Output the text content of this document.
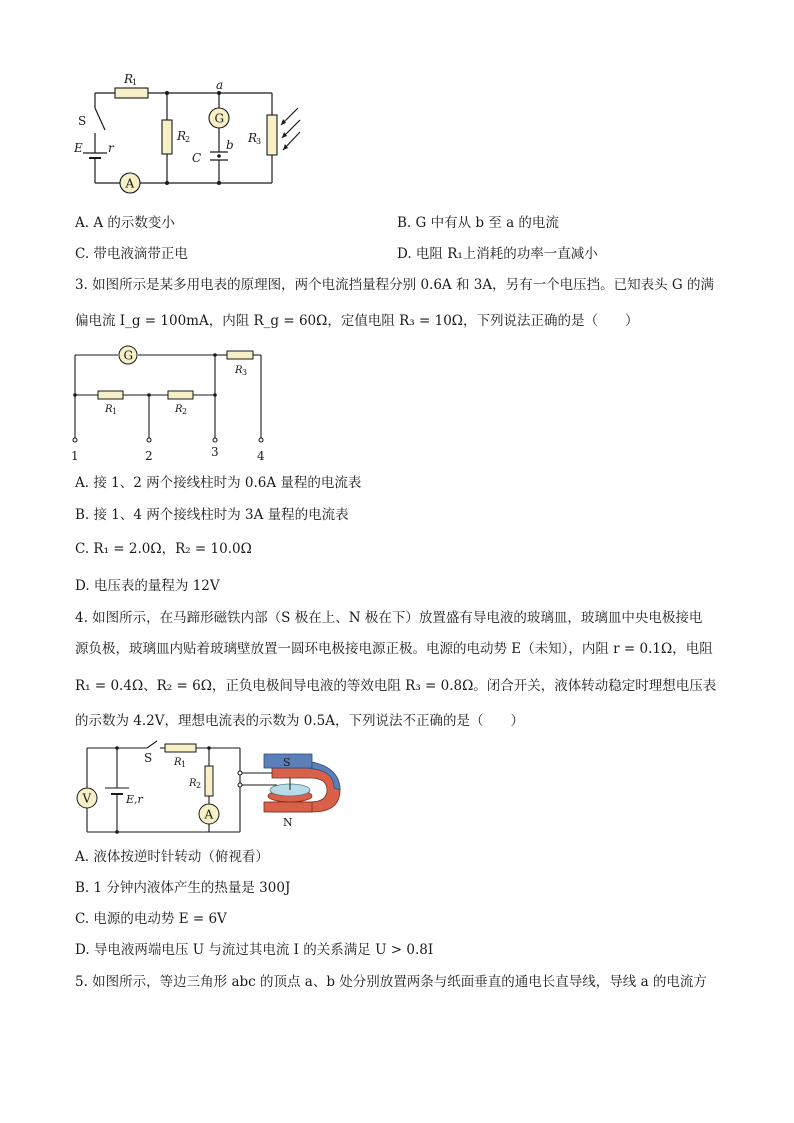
G
A
R
1
R
2	R
3
a
b
C
S
E r
A. A 的示数变小	B. G 中有从 b 至 a 的电流
C. 带电液滴带正电	D. 电阻 R₁上消耗的功率一直减小
3. 如图所示是某多用电表的原理图，两个电流挡量程分别 0.6A 和 3A，另有一个电压挡。已知表头 G 的满
偏电流 I_g = 100mA，内阻 R_g = 60Ω，定值电阻 R₃ = 10Ω，下列说法正确的是（　　）
G
R 1	R 2
R 3
1	2	3	4
A. 接 1、2 两个接线柱时为 0.6A 量程的电流表
B. 接 1、4 两个接线柱时为 3A 量程的电流表
C. R₁ = 2.0Ω，R₂ = 10.0Ω
D. 电压表的量程为 12V
4. 如图所示，在马蹄形磁铁内部（S 极在上、N 极在下）放置盛有导电液的玻璃皿，玻璃皿中央电极接电
源负极，玻璃皿内贴着玻璃壁放置一圆环电极接电源正极。电源的电动势 E（未知），内阻 r = 0.1Ω，电阻
R₁ = 0.4Ω、R₂ = 6Ω，正负电极间导电液的等效电阻 R₃ = 0.8Ω。闭合开关，液体转动稳定时理想电压表
的示数为 4.2V，理想电流表的示数为 0.5A，下列说法不正确的是（　　）
V
A
S R 1
R 2
E,r
S
N
A. 液体按逆时针转动（俯视看）
B. 1 分钟内液体产生的热量是 300J
C. 电源的电动势 E = 6V
D. 导电液两端电压 U 与流过其电流 I 的关系满足 U > 0.8I
5. 如图所示，等边三角形 abc 的顶点 a、b 处分别放置两条与纸面垂直的通电长直导线，导线 a 的电流方
